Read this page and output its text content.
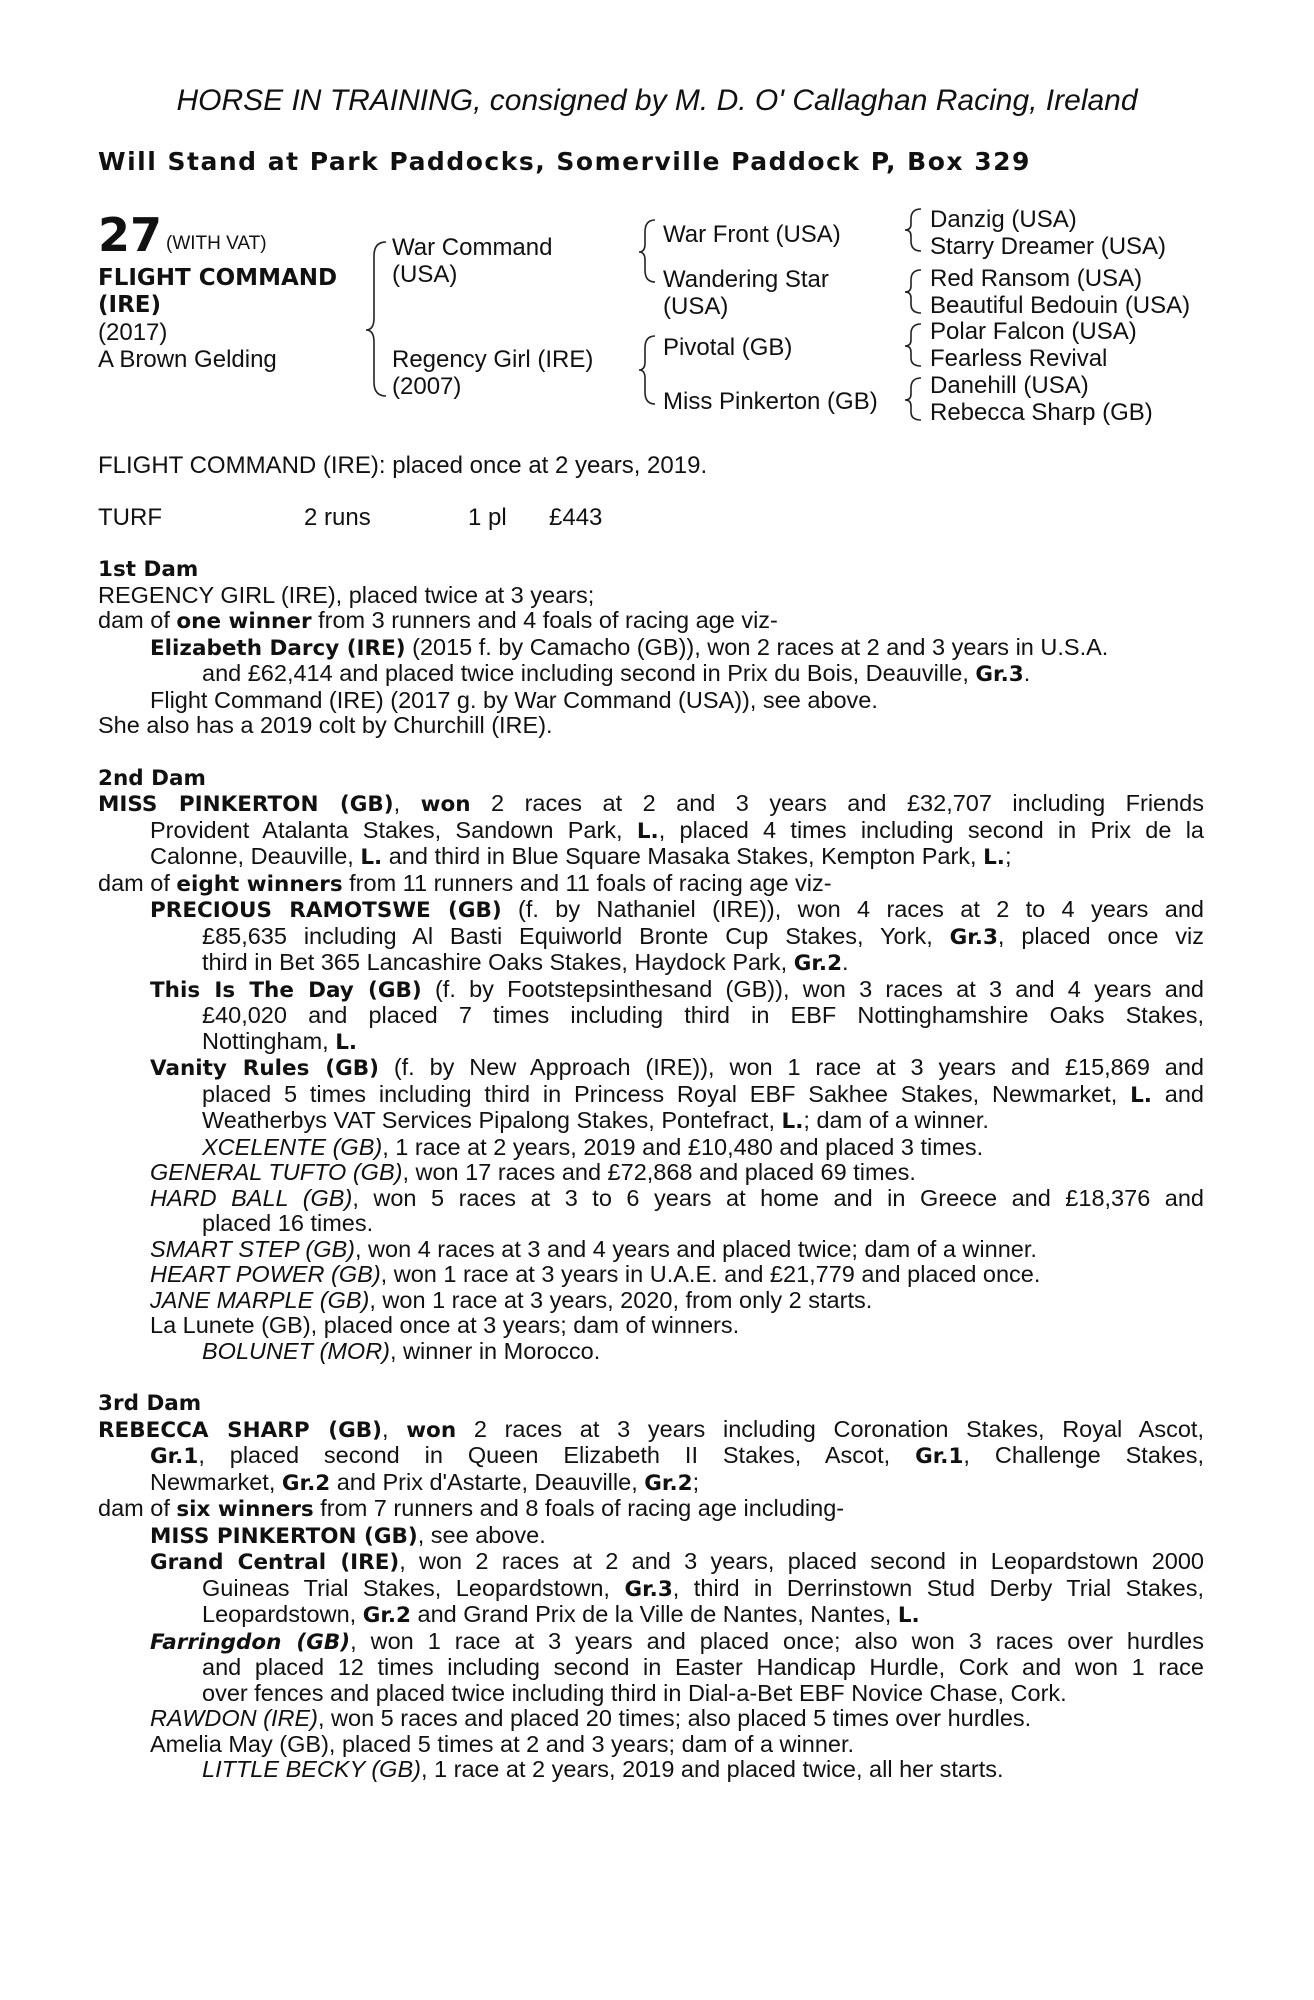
HORSE IN TRAINING, consigned by M. D. O' Callaghan Racing, Ireland
Will Stand at Park Paddocks, Somerville Paddock P, Box 329
27 (WITH VAT)
FLIGHT COMMAND
(IRE)
(2017)
A Brown Gelding
War Command
(USA)
Regency Girl (IRE)
(2007)
War Front (USA)
Wandering Star
(USA)
Pivotal (GB)
Miss Pinkerton (GB)
Danzig (USA)
Starry Dreamer (USA)
Red Ransom (USA)
Beautiful Bedouin (USA)
Polar Falcon (USA)
Fearless Revival
Danehill (USA)
Rebecca Sharp (GB)
FLIGHT COMMAND (IRE): placed once at 2 years, 2019.
TURF	2 runs	1 pl £443
1st Dam
REGENCY GIRL (IRE), placed twice at 3 years;
dam of one winner from 3 runners and 4 foals of racing age viz-
Elizabeth Darcy (IRE) (2015 f. by Camacho (GB)), won 2 races at 2 and 3 years in U.S.A.
and £62,414 and placed twice including second in Prix du Bois, Deauville, Gr.3.
Flight Command (IRE) (2017 g. by War Command (USA)), see above.
She also has a 2019 colt by Churchill (IRE).
2nd Dam
MISS PINKERTON (GB), won 2 races at 2 and 3 years and £32,707 including Friends
Provident Atalanta Stakes, Sandown Park, L., placed 4 times including second in Prix de la
Calonne, Deauville, L. and third in Blue Square Masaka Stakes, Kempton Park, L.;
dam of eight winners from 11 runners and 11 foals of racing age viz-
PRECIOUS RAMOTSWE (GB) (f. by Nathaniel (IRE)), won 4 races at 2 to 4 years and
£85,635 including Al Basti Equiworld Bronte Cup Stakes, York, Gr.3, placed once viz
third in Bet 365 Lancashire Oaks Stakes, Haydock Park, Gr.2.
This Is The Day (GB) (f. by Footstepsinthesand (GB)), won 3 races at 3 and 4 years and
£40,020 and placed 7 times including third in EBF Nottinghamshire Oaks Stakes,
Nottingham, L.
Vanity Rules (GB) (f. by New Approach (IRE)), won 1 race at 3 years and £15,869 and
placed 5 times including third in Princess Royal EBF Sakhee Stakes, Newmarket, L. and
Weatherbys VAT Services Pipalong Stakes, Pontefract, L.; dam of a winner.
XCELENTE (GB), 1 race at 2 years, 2019 and £10,480 and placed 3 times.
GENERAL TUFTO (GB), won 17 races and £72,868 and placed 69 times.
HARD BALL (GB), won 5 races at 3 to 6 years at home and in Greece and £18,376 and
placed 16 times.
SMART STEP (GB), won 4 races at 3 and 4 years and placed twice; dam of a winner.
HEART POWER (GB), won 1 race at 3 years in U.A.E. and £21,779 and placed once.
JANE MARPLE (GB), won 1 race at 3 years, 2020, from only 2 starts.
La Lunete (GB), placed once at 3 years; dam of winners.
BOLUNET (MOR), winner in Morocco.
3rd Dam
REBECCA SHARP (GB), won 2 races at 3 years including Coronation Stakes, Royal Ascot,
Gr.1, placed second in Queen Elizabeth II Stakes, Ascot, Gr.1, Challenge Stakes,
Newmarket, Gr.2 and Prix d'Astarte, Deauville, Gr.2;
dam of six winners from 7 runners and 8 foals of racing age including-
MISS PINKERTON (GB), see above.
Grand Central (IRE), won 2 races at 2 and 3 years, placed second in Leopardstown 2000
Guineas Trial Stakes, Leopardstown, Gr.3, third in Derrinstown Stud Derby Trial Stakes,
Leopardstown, Gr.2 and Grand Prix de la Ville de Nantes, Nantes, L.
Farringdon (GB), won 1 race at 3 years and placed once; also won 3 races over hurdles
and placed 12 times including second in Easter Handicap Hurdle, Cork and won 1 race
over fences and placed twice including third in Dial-a-Bet EBF Novice Chase, Cork.
RAWDON (IRE), won 5 races and placed 20 times; also placed 5 times over hurdles.
Amelia May (GB), placed 5 times at 2 and 3 years; dam of a winner.
LITTLE BECKY (GB), 1 race at 2 years, 2019 and placed twice, all her starts.
